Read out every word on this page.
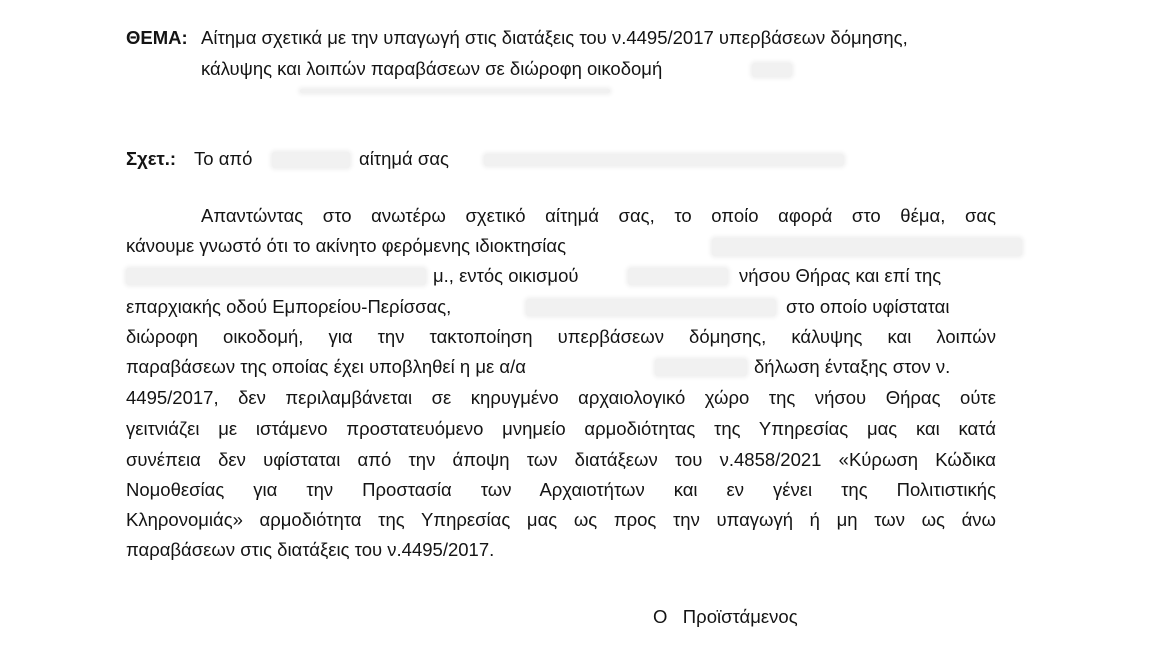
ΘΕΜΑ: Αίτημα σχετικά με την υπαγωγή στις διατάξεις του ν.4495/2017 υπερβάσεων δόμησης,
κάλυψης και λοιπών παραβάσεων σε διώροφη οικοδομή
Σχετ.: Το από	αίτημά σας
Απαντώντας στο ανωτέρω σχετικό αίτημά σας, το οποίο αφορά στο θέμα, σας
κάνουμε γνωστό ότι το ακίνητο φερόμενης ιδιοκτησίας
μ., εντός οικισμού	νήσου Θήρας και επί της
επαρχιακής οδού Εμπορείου-Περίσσας,	στο οποίο υφίσταται
διώροφη οικοδομή, για την τακτοποίηση υπερβάσεων δόμησης, κάλυψης και λοιπών
παραβάσεων της οποίας έχει υποβληθεί η με α/α	δήλωση ένταξης στον ν.
4495/2017, δεν περιλαμβάνεται σε κηρυγμένο αρχαιολογικό χώρο της νήσου Θήρας ούτε
γειτνιάζει με ιστάμενο προστατευόμενο μνημείο αρμοδιότητας της Υπηρεσίας μας και κατά
συνέπεια δεν υφίσταται από την άποψη των διατάξεων του ν.4858/2021 «Κύρωση Κώδικα
Νομοθεσίας για την Προστασία των Αρχαιοτήτων και εν γένει της Πολιτιστικής
Κληρονομιάς» αρμοδιότητα της Υπηρεσίας μας ως προς την υπαγωγή ή μη των ως άνω
παραβάσεων στις διατάξεις του ν.4495/2017.
Ο   Προϊστάμενος
